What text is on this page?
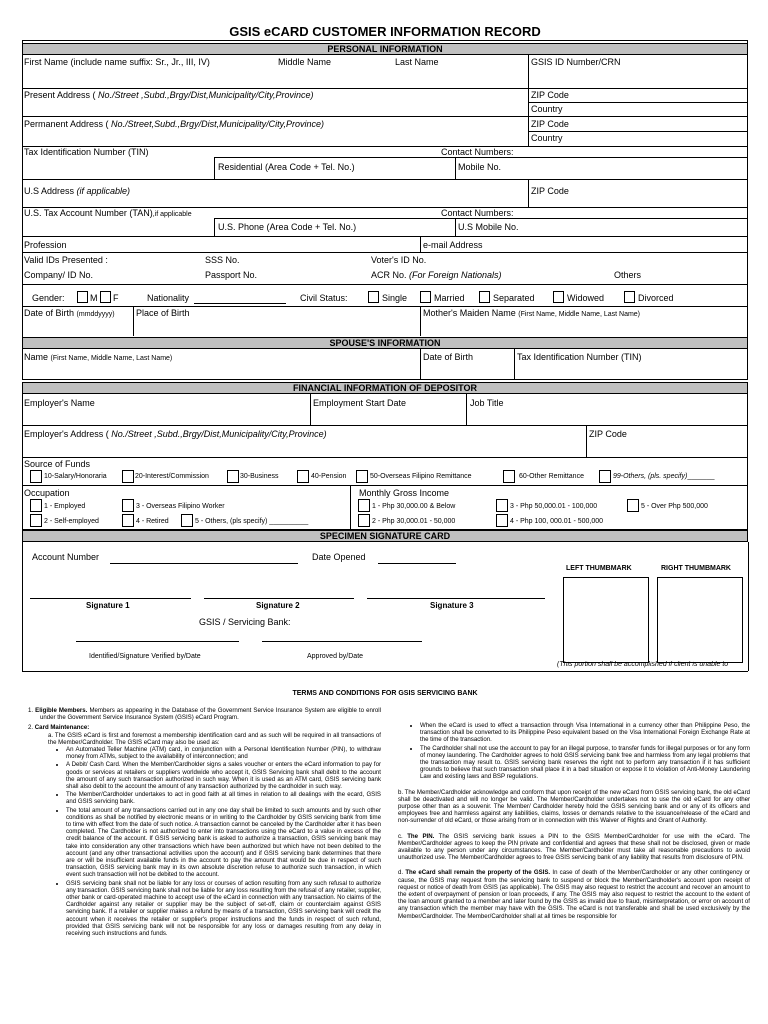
GSIS eCARD CUSTOMER INFORMATION RECORD
PERSONAL INFORMATION
First Name (include name suffix: Sr., Jr., III, IV)	Middle Name	Last Name	GSIS ID Number/CRN
Present Address ( No./Street ,Subd.,Brgy/Dist,Municipality/City,Province)	ZIP Code
Country
Permanent Address ( No./Street,Subd.,Brgy/Dist,Municipality/City,Province)	ZIP Code
Country
Tax Identification Number (TIN)	Contact Numbers:
Residential (Area Code + Tel. No.)	Mobile No.
U.S Address (if applicable)	ZIP Code
U.S. Tax Account Number (TAN),if applicable	Contact Numbers:
U.S. Phone (Area Code + Tel. No.)	U.S Mobile No.
Profession	e-mail Address
Valid IDs Presented :	SSS No.	Voter's ID No.
Company/ ID No.	Passport No.	ACR No. (For Foreign Nationals)	Others
Gender:	M F	Nationality	Civil Status:	Single	Married	Separated	Widowed	Divorced
Date of Birth (mmddyyyy) Place of Birth	Mother's Maiden Name (First Name, Middle Name, Last Name)
SPOUSE'S INFORMATION
Name (First Name, Middle Name, Last Name)	Date of Birth	Tax Identification Number (TIN)
FINANCIAL INFORMATION OF DEPOSITOR
Employer's Name	Employment Start Date	Job Title
Employer's Address ( No./Street ,Subd.,Brgy/Dist,Municipality/City,Province)	ZIP Code
Source of Funds
10-Salary/Honoraria	20-Interest/Commission	30-Business	40-Pension	50-Overseas Filipino Remittance	60-Other Remittance	99-Others, (pls. specify)_______
Occupation
1 - Employed	3 - Overseas Filipino Worker
2 - Self-employed	4 - Retired	5 - Others, (pls specify) __________
Monthly Gross Income
1 - Php 30,000.00 & Below	3 - Php 50,000.01 - 100,000	5 - Over Php 500,000
2 - Php 30,000.01 - 50,000	4 - Php 100, 000.01 - 500,000
SPECIMEN SIGNATURE CARD
Account Number	Date Opened
LEFT THUMBMARK	RIGHT THUMBMARK
Signature 1	Signature 2	Signature 3
GSIS / Servicing Bank:
Identified/Signature Verified by/Date	Approved by/Date
(This portion shall be accomplished if client is unable to
TERMS AND CONDITIONS FOR GSIS SERVICING BANK

1. Eligible Members. Members as appearing in the Database of the Government Service Insurance System are eligible to enroll under the Government Service Insurance System (GSIS) eCard Program.

2. Card Maintenance:

a. The GSIS eCard is first and foremost a membership identification card and as such will be required in all transactions of the Member/Cardholder. The GSIS eCard may also be used as:

• An Automated Teller Machine (ATM) card, in conjunction with a Personal Identification Number (PIN), to withdraw money from ATMs, subject to the availability of interconnection; and
• A Debit/ Cash Card. When the Member/Cardholder signs a sales voucher or enters the eCard information to pay for goods or services at retailers or suppliers worldwide who accept it, GSIS Servicing bank shall debit to the account the amount of any such transaction authorized in such way. When it is used as an ATM card, GSIS servicing bank shall also debit to the account the amount of any transaction authorized by the cardholder in such way.
• The Member/Cardholder undertakes to act in good faith at all times in relation to all dealings with the ecard, GSIS and GSIS servicing bank.
• The total amount of any transactions carried out in any one day shall be limited to such amounts and by such other conditions as shall be notified by electronic means or in writing to the Cardholder by GSIS servicing bank from time to time with effect from the date of such notice. A transaction cannot be canceled by the Cardholder after it has been completed. The Cardholder is not authorized to enter into transactions using the eCard to a value in excess of the credit balance of the account. If GSIS servicing bank is asked to authorize a transaction, GSIS servicing bank may take into consideration any other transactions which have been authorized but which have not been debited to the account (and any other transactional activities upon the account) and if GSIS servicing bank determines that there are or will be insufficient available funds in the account to pay the amount that would be due in respect of such transaction, GSIS servicing bank may in its own absolute discretion refuse to authorize such transaction, in which event such transaction will not be debited to the account.
• GSIS servicing bank shall not be liable for any loss or courses of action resulting from any such refusal to authorize any transaction. GSIS servicing bank shall not be liable for any loss resulting from the refusal of any retailer, supplier, other bank or card-operated machine to accept use of the eCard in connection with any transaction. No claims of the Cardholder against any retailer or supplier may be the subject of set-off, claim or counterclaim against GSIS servicing bank. If a retailer or supplier makes a refund by means of a transaction, GSIS servicing bank will credit the account when it receives the retailer or supplier's proper instructions and the funds in respect of such refund, provided that GSIS servicing bank will not be responsible for any loss or damages resulting from any delay in receiving such instructions and funds.
• When the eCard is used to effect a transaction through Visa International in a currency other than Philippine Peso, the transaction shall be converted to its Philippine Peso equivalent based on the Visa International Foreign Exchange Rate at the time of the transaction.
• The Cardholder shall not use the account to pay for an illegal purpose, to transfer funds for illegal purposes or for any form of money laundering. The Cardholder agrees to hold GSIS servicing bank free and harmless from any legal problems that the transaction may result to. GSIS servicing bank reserves the right not to perform any transaction if it has sufficient grounds to believe that such transaction shall place it in a bad situation or expose it to violation of Anti-Money Laundering Law and existing laws and BSP regulations.

b. The Member/Cardholder acknowledge and conform that upon receipt of the new eCard from GSIS servicing bank, the old eCard shall be deactivated and will no longer be valid. The Member/Cardholder undertakes not to use the old eCard for any other purpose other than as a souvenir. The Member/ Cardholder hereby hold the GSIS servicing bank and or any of its officers and employees free and harmless against any liabilities, claims, losses or demands relative to the issuance/release of the eCard and non-surrender of old eCard, or those arising from or in connection with this Waiver of Rights and Grant of Authority.

c. The PIN. The GSIS servicing bank issues a PIN to the GSIS Member/Cardholder for use with the eCard. The Member/Cardholder agrees to keep the PIN private and confidential and agrees that these shall not be disclosed, given or made available to any person under any circumstances. The Member/Cardholder must take all reasonable precautions to avoid unauthorized use. The Member/Cardholder agrees to free GSIS servicing bank of any liability that results from disclosure of PIN.

d. The eCard shall remain the property of the GSIS. In case of death of the Member/Cardholder or any other contingency or cause, the GSIS may request from the servicing bank to suspend or block the Member/Cardholder's account upon receipt of request or notice of death from GSIS (as applicable). The GSIS may also request to restrict the account and recover an amount to the extent of overpayment of pension or loan proceeds, if any. The GSIS may also request to restrict the account to the extent of the loan amount granted to a member and later found by the GSIS as invalid due to fraud, misinterpretation, or error on account of any transaction which the member may have with the GSIS. The eCard is not transferable and shall be used exclusively by the Member/Cardholder. The Member/Cardholder shall at all times be responsible for
